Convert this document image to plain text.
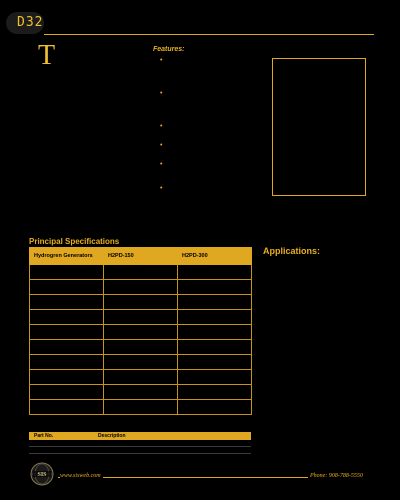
D32
T	Features:
•
•
•
•
•
•
Principal Specifications
Applications:
Hydrogren Generators	H2PD-150	H2PD-300

Part No.	Description
SIS www.sisweb.com	Phone: 908-788-5550
